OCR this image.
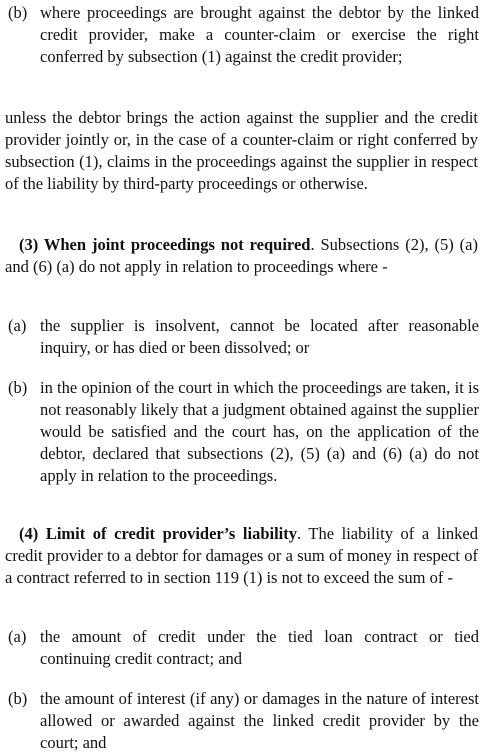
(b) where proceedings are brought against the debtor by the linked credit provider, make a counter-claim or exercise the right conferred by subsection (1) against the credit provider;

unless the debtor brings the action against the supplier and the credit provider jointly or, in the case of a counter-claim or right conferred by subsection (1), claims in the proceedings against the supplier in respect of the liability by third-party proceedings or otherwise.

(3) When joint proceedings not required. Subsections (2), (5) (a) and (6) (a) do not apply in relation to proceedings where -

(a) the supplier is insolvent, cannot be located after reasonable inquiry, or has died or been dissolved; or
(b) in the opinion of the court in which the proceedings are taken, it is not reasonably likely that a judgment obtained against the supplier would be satisfied and the court has, on the application of the debtor, declared that subsections (2), (5) (a) and (6) (a) do not apply in relation to the proceedings.

(4) Limit of credit provider’s liability. The liability of a linked credit provider to a debtor for damages or a sum of money in respect of a contract referred to in section 119 (1) is not to exceed the sum of -

(a) the amount of credit under the tied loan contract or tied continuing credit contract; and
(b) the amount of interest (if any) or damages in the nature of interest allowed or awarded against the linked credit provider by the court; and
